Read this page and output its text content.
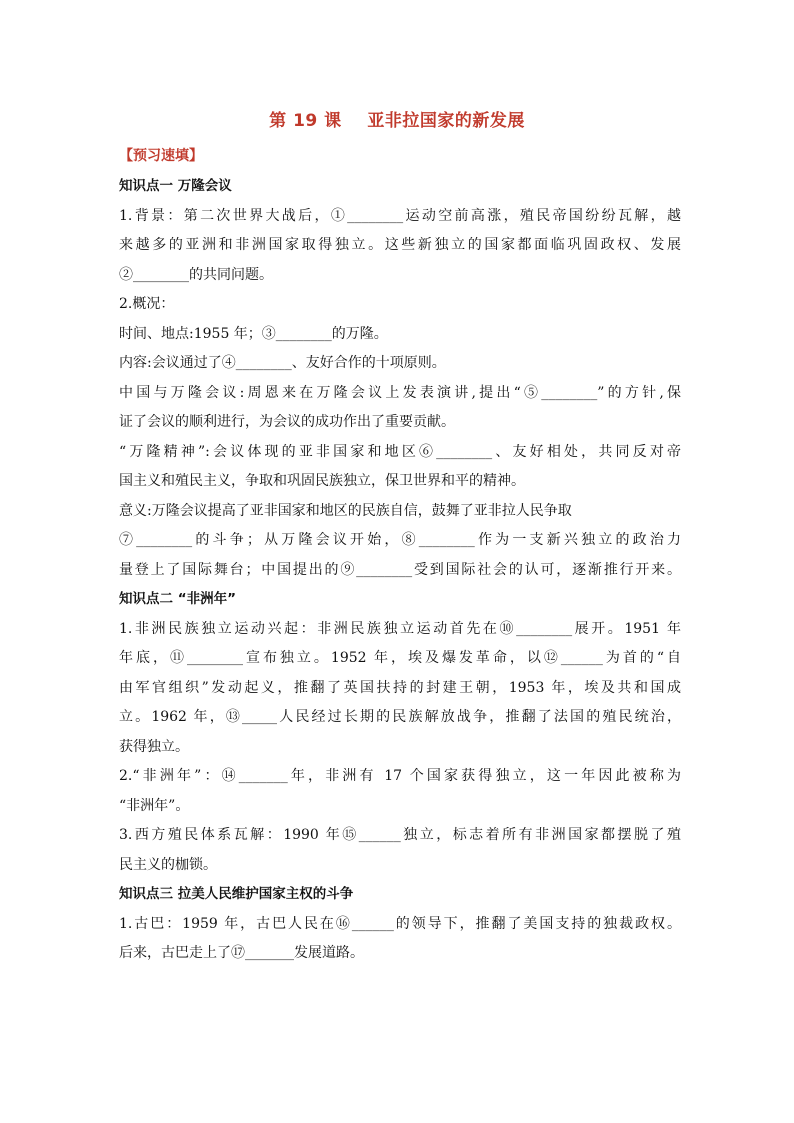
第 19 课    亚非拉国家的新发展
【预习速填】
知识点一 万隆会议
1.背景：第二次世界大战后，①________运动空前高涨，殖民帝国纷纷瓦解，越
来越多的亚洲和非洲国家取得独立。这些新独立的国家都面临巩固政权、发展
②________的共同问题。
2.概况：
时间、地点:1955 年；③________的万隆。
内容:会议通过了④________、友好合作的十项原则。
中国与万隆会议:周恩来在万隆会议上发表演讲,提出“⑤________”的方针,保
证了会议的顺利进行，为会议的成功作出了重要贡献。
“万隆精神”:会议体现的亚非国家和地区⑥________、友好相处，共同反对帝
国主义和殖民主义，争取和巩固民族独立，保卫世界和平的精神。
意义:万隆会议提高了亚非国家和地区的民族自信，鼓舞了亚非拉人民争取
⑦________的斗争；从万隆会议开始，⑧________作为一支新兴独立的政治力
量登上了国际舞台；中国提出的⑨________受到国际社会的认可，逐渐推行开来。
知识点二 “非洲年”
1.非洲民族独立运动兴起：非洲民族独立运动首先在⑩________展开。1951 年
年底，⑪________宣布独立。1952 年，埃及爆发革命，以⑫______为首的“自
由军官组织”发动起义，推翻了英国扶持的封建王朝，1953 年，埃及共和国成
立。1962 年，⑬_____人民经过长期的民族解放战争，推翻了法国的殖民统治，
获得独立。
2.“非洲年”：⑭_______年，非洲有 17 个国家获得独立，这一年因此被称为
“非洲年”。
3.西方殖民体系瓦解：1990 年⑮______独立，标志着所有非洲国家都摆脱了殖
民主义的枷锁。
知识点三 拉美人民维护国家主权的斗争
1.古巴：1959 年，古巴人民在⑯______的领导下，推翻了美国支持的独裁政权。
后来，古巴走上了⑰_______发展道路。
